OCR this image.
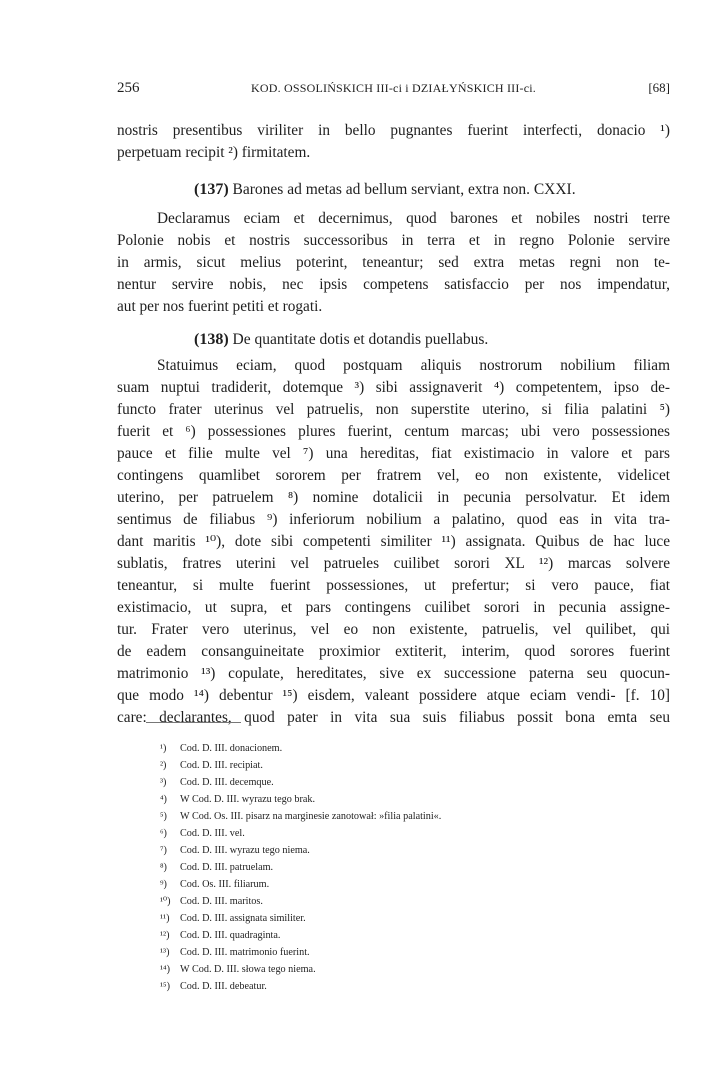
256	KOD. OSSOLIŃSKICH III-ci i DZIAŁYŃSKICH III-ci.	[68]
nostris presentibus viriliter in bello pugnantes fuerint interfecti, donacio ¹)
perpetuam recipit ²) firmitatem.
(137) Barones ad metas ad bellum serviant, extra non. CXXI.
Declaramus eciam et decernimus, quod barones et nobiles nostri terre
Polonie nobis et nostris successoribus in terra et in regno Polonie servire
in armis, sicut melius poterint, teneantur; sed extra metas regni non te-
nentur servire nobis, nec ipsis competens satisfaccio per nos impendatur,
aut per nos fuerint petiti et rogati.
(138) De quantitate dotis et dotandis puellabus.
Statuimus eciam, quod postquam aliquis nostrorum nobilium filiam
suam nuptui tradiderit, dotemque ³) sibi assignaverit ⁴) competentem, ipso de-
functo frater uterinus vel patruelis, non superstite uterino, si filia palatini ⁵)
fuerit et ⁶) possessiones plures fuerint, centum marcas; ubi vero possessiones
pauce et filie multe vel ⁷) una hereditas, fiat existimacio in valore et pars
contingens quamlibet sororem per fratrem vel, eo non existente, videlicet
uterino, per patruelem ⁸) nomine dotalicii in pecunia persolvatur. Et idem
sentimus de filiabus ⁹) inferiorum nobilium a palatino, quod eas in vita tra-
dant maritis ¹⁰), dote sibi competenti similiter ¹¹) assignata. Quibus de hac luce
sublatis, fratres uterini vel patrueles cuilibet sorori XL ¹²) marcas solvere
teneantur, si multe fuerint possessiones, ut prefertur; si vero pauce, fiat
existimacio, ut supra, et pars contingens cuilibet sorori in pecunia assigne-
tur. Frater vero uterinus, vel eo non existente, patruelis, vel quilibet, qui
de eadem consanguineitate proximior extiterit, interim, quod sorores fuerint
matrimonio ¹³) copulate, hereditates, sive ex successione paterna seu quocun-
que modo ¹⁴) debentur ¹⁵) eisdem, valeant possidere atque eciam vendi- [f. 10]
care: declarantes, quod pater in vita sua suis filiabus possit bona emta seu
¹) Cod. D. III. donacionem.
²) Cod. D. III. recipiat.
³) Cod. D. III. decemque.
⁴) W Cod. D. III. wyrazu tego brak.
⁵) W Cod. Os. III. pisarz na marginesie zanotował: »filia palatini«.
⁶) Cod. D. III. vel.
⁷) Cod. D. III. wyrazu tego niema.
⁸) Cod. D. III. patruelam.
⁹) Cod. Os. III. filiarum.
¹⁰) Cod. D. III. maritos.
¹¹) Cod. D. III. assignata similiter.
¹²) Cod. D. III. quadraginta.
¹³) Cod. D. III. matrimonio fuerint.
¹⁴) W Cod. D. III. słowa tego niema.
¹⁵) Cod. D. III. debeatur.
